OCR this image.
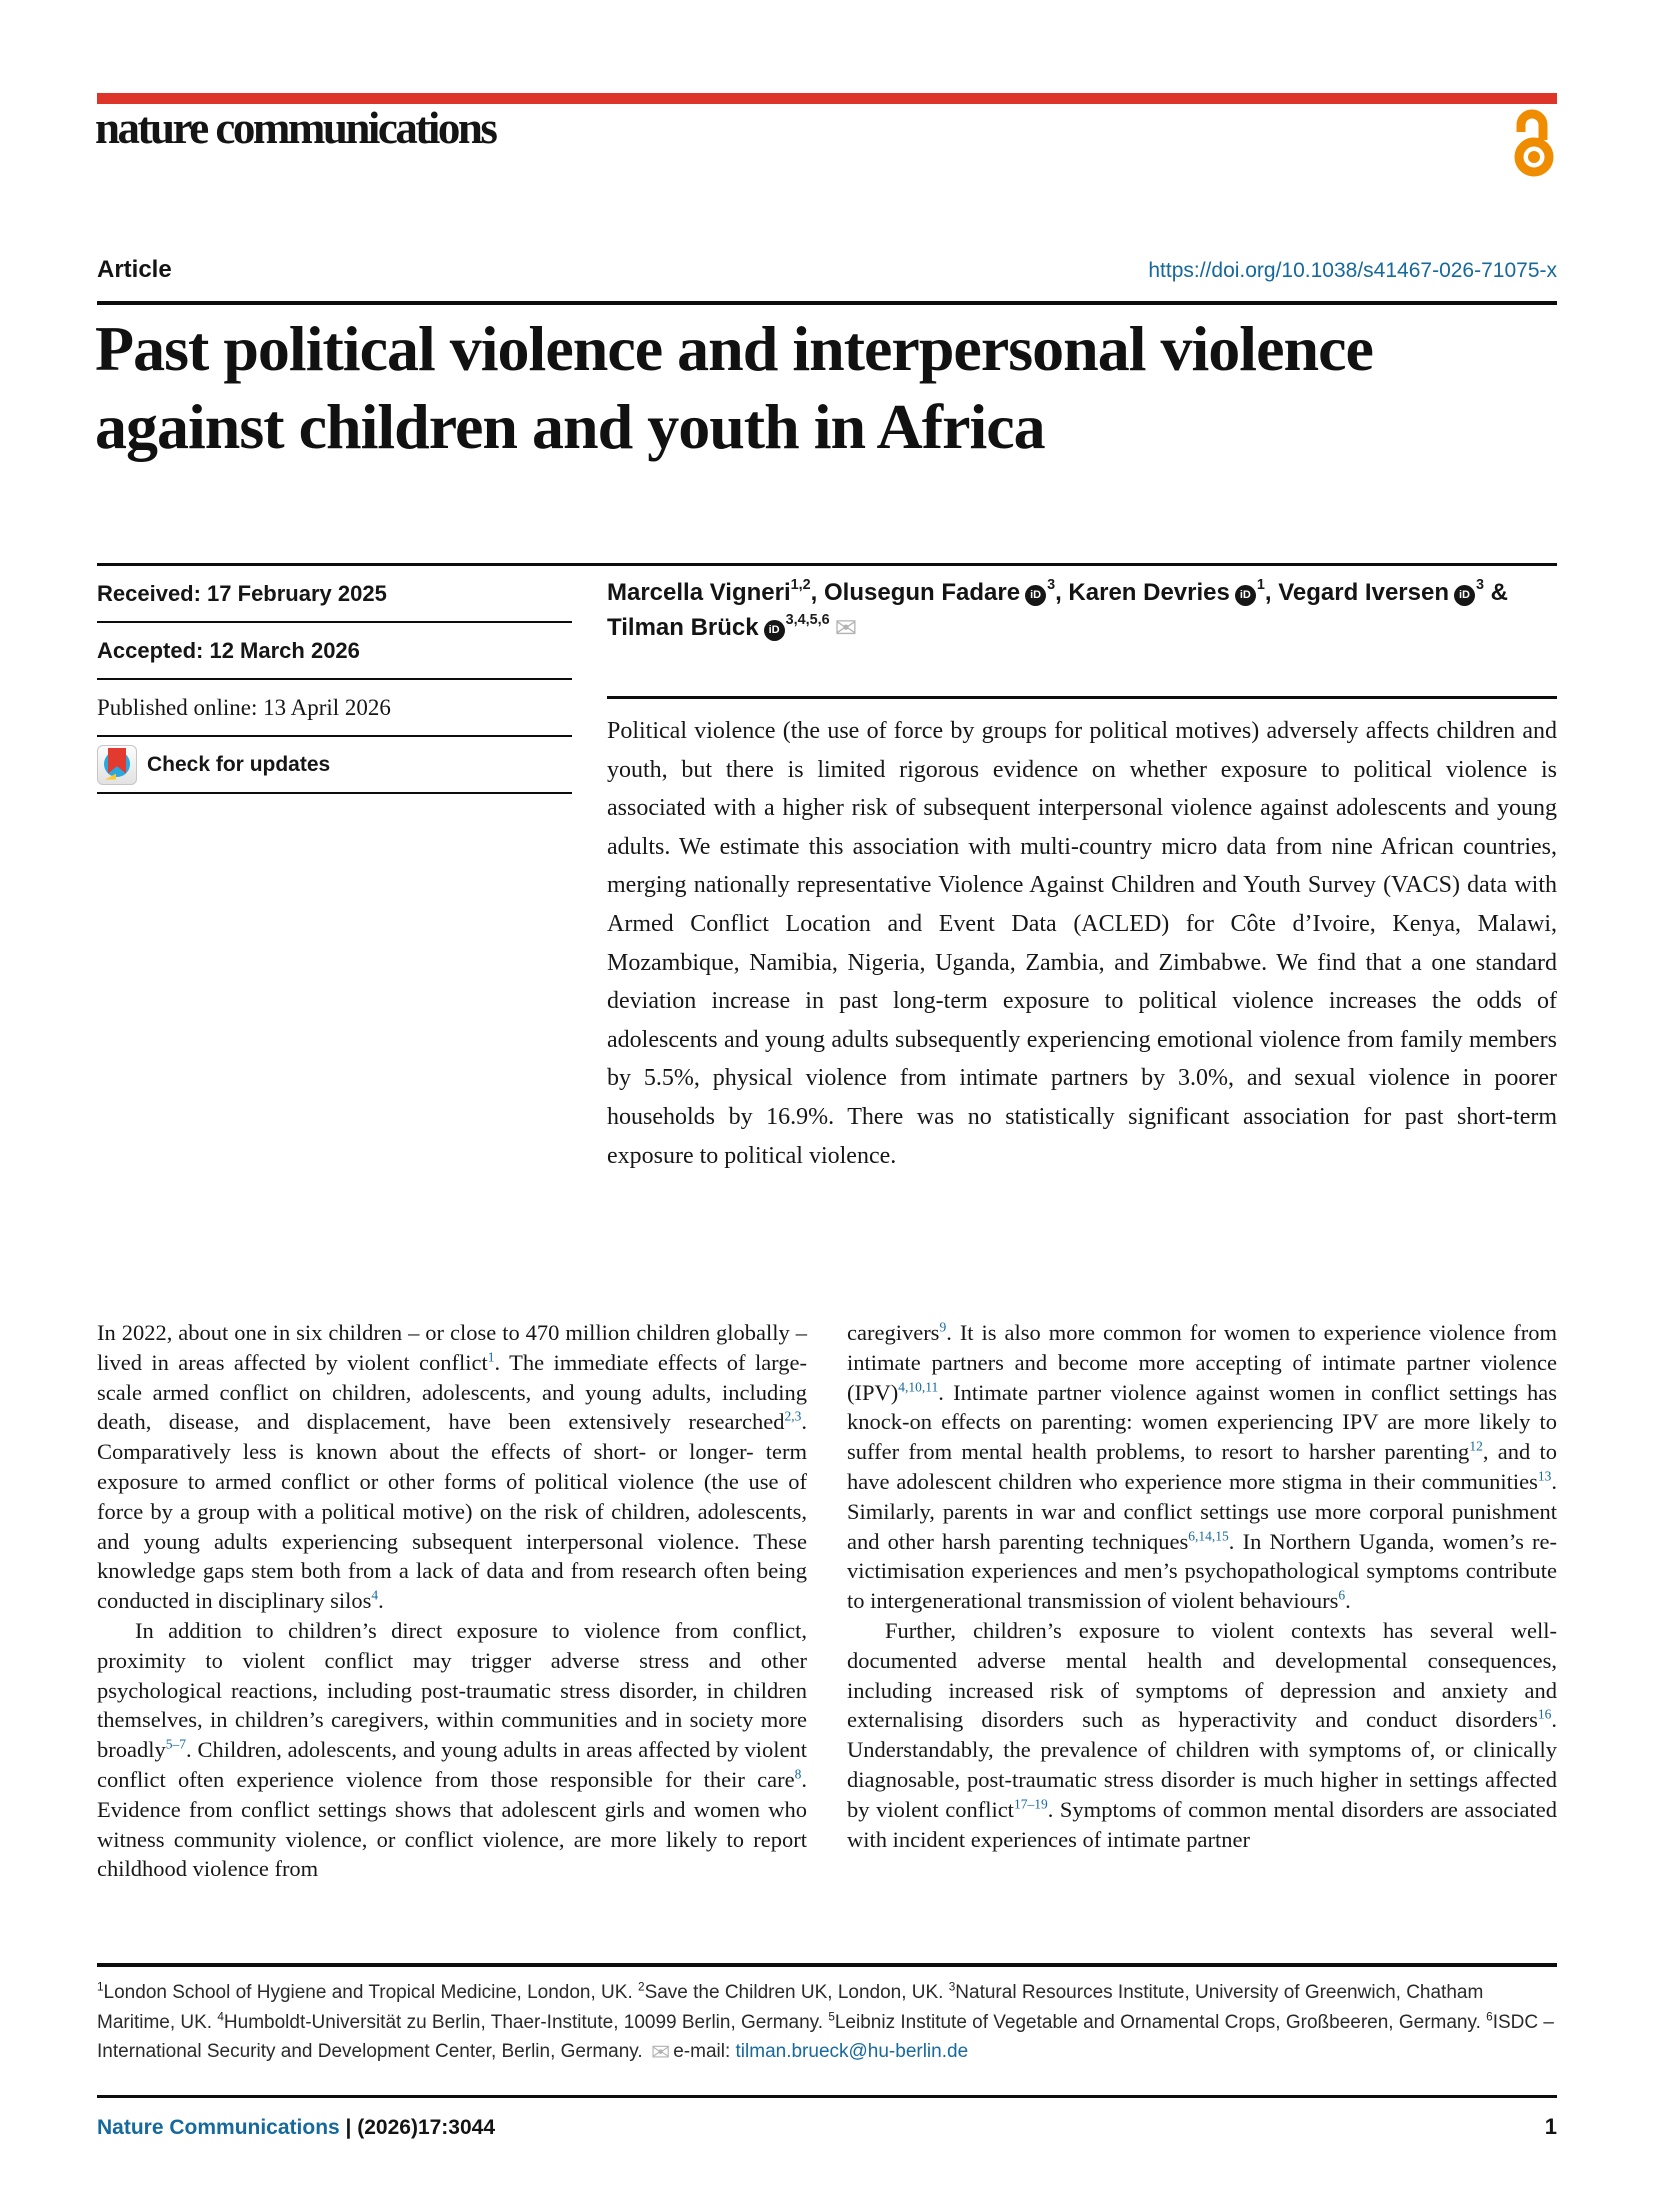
nature communications
Article	https://doi.org/10.1038/s41467-026-71075-x
Past political violence and interpersonal violence against children and youth in Africa
Received: 17 February 2025
Accepted: 12 March 2026
Published online: 13 April 2026
Check for updates

Marcella Vigneri$^{1,2}$, Olusegun Fadare iD$^3$, Karen Devries iD$^1$, Vegard Iversen iD$^3$ & Tilman Brück iD$^{3,4,5,6}$ ✉

Political violence (the use of force by groups for political motives) adversely affects children and youth, but there is limited rigorous evidence on whether exposure to political violence is associated with a higher risk of subsequent interpersonal violence against adolescents and young adults. We estimate this association with multi-country micro data from nine African countries, merging nationally representative Violence Against Children and Youth Survey (VACS) data with Armed Conflict Location and Event Data (ACLED) for Côte d’Ivoire, Kenya, Malawi, Mozambique, Namibia, Nigeria, Uganda, Zambia, and Zimbabwe. We find that a one standard deviation increase in past long-term exposure to political violence increases the odds of adolescents and young adults subsequently experiencing emotional violence from family members by 5.5%, physical violence from intimate partners by 3.0%, and sexual violence in poorer households by 16.9%. There was no statistically significant association for past short-term exposure to political violence.

In 2022, about one in six children – or close to 470 million children globally – lived in areas affected by violent conflict$^1$. The immediate effects of large-scale armed conflict on children, adolescents, and young adults, including death, disease, and displacement, have been extensively researched$^{2,3}$. Comparatively less is known about the effects of short- or longer- term exposure to armed conflict or other forms of political violence (the use of force by a group with a political motive) on the risk of children, adolescents, and young adults experiencing subsequent interpersonal violence. These knowledge gaps stem both from a lack of data and from research often being conducted in disciplinary silos$^4$.

In addition to children’s direct exposure to violence from conflict, proximity to violent conflict may trigger adverse stress and other psychological reactions, including post-traumatic stress disorder, in children themselves, in children’s caregivers, within communities and in society more broadly$^{5-7}$. Children, adolescents, and young adults in areas affected by violent conflict often experience violence from those responsible for their care$^8$. Evidence from conflict settings shows that adolescent girls and women who witness community violence, or conflict violence, are more likely to report childhood violence from

caregivers$^9$. It is also more common for women to experience violence from intimate partners and become more accepting of intimate partner violence (IPV)$^{4,10,11}$. Intimate partner violence against women in conflict settings has knock-on effects on parenting: women experiencing IPV are more likely to suffer from mental health problems, to resort to harsher parenting$^{12}$, and to have adolescent children who experience more stigma in their communities$^{13}$. Similarly, parents in war and conflict settings use more corporal punishment and other harsh parenting techniques$^{6,14,15}$. In Northern Uganda, women’s re-victimisation experiences and men’s psychopathological symptoms contribute to intergenerational transmission of violent behaviours$^6$.

Further, children’s exposure to violent contexts has several well-documented adverse mental health and developmental consequences, including increased risk of symptoms of depression and anxiety and externalising disorders such as hyperactivity and conduct disorders$^{16}$. Understandably, the prevalence of children with symptoms of, or clinically diagnosable, post-traumatic stress disorder is much higher in settings affected by violent conflict$^{17-19}$. Symptoms of common mental disorders are associated with incident experiences of intimate partner

$^1$London School of Hygiene and Tropical Medicine, London, UK. $^2$Save the Children UK, London, UK. $^3$Natural Resources Institute, University of Greenwich, Chatham Maritime, UK. $^4$Humboldt-Universität zu Berlin, Thaer-Institute, 10099 Berlin, Germany. $^5$Leibniz Institute of Vegetable and Ornamental Crops, Großbeeren, Germany. $^6$ISDC – International Security and Development Center, Berlin, Germany. ✉ e-mail: tilman.brueck@hu-berlin.de

Nature Communications | (2026)17:3044	1
